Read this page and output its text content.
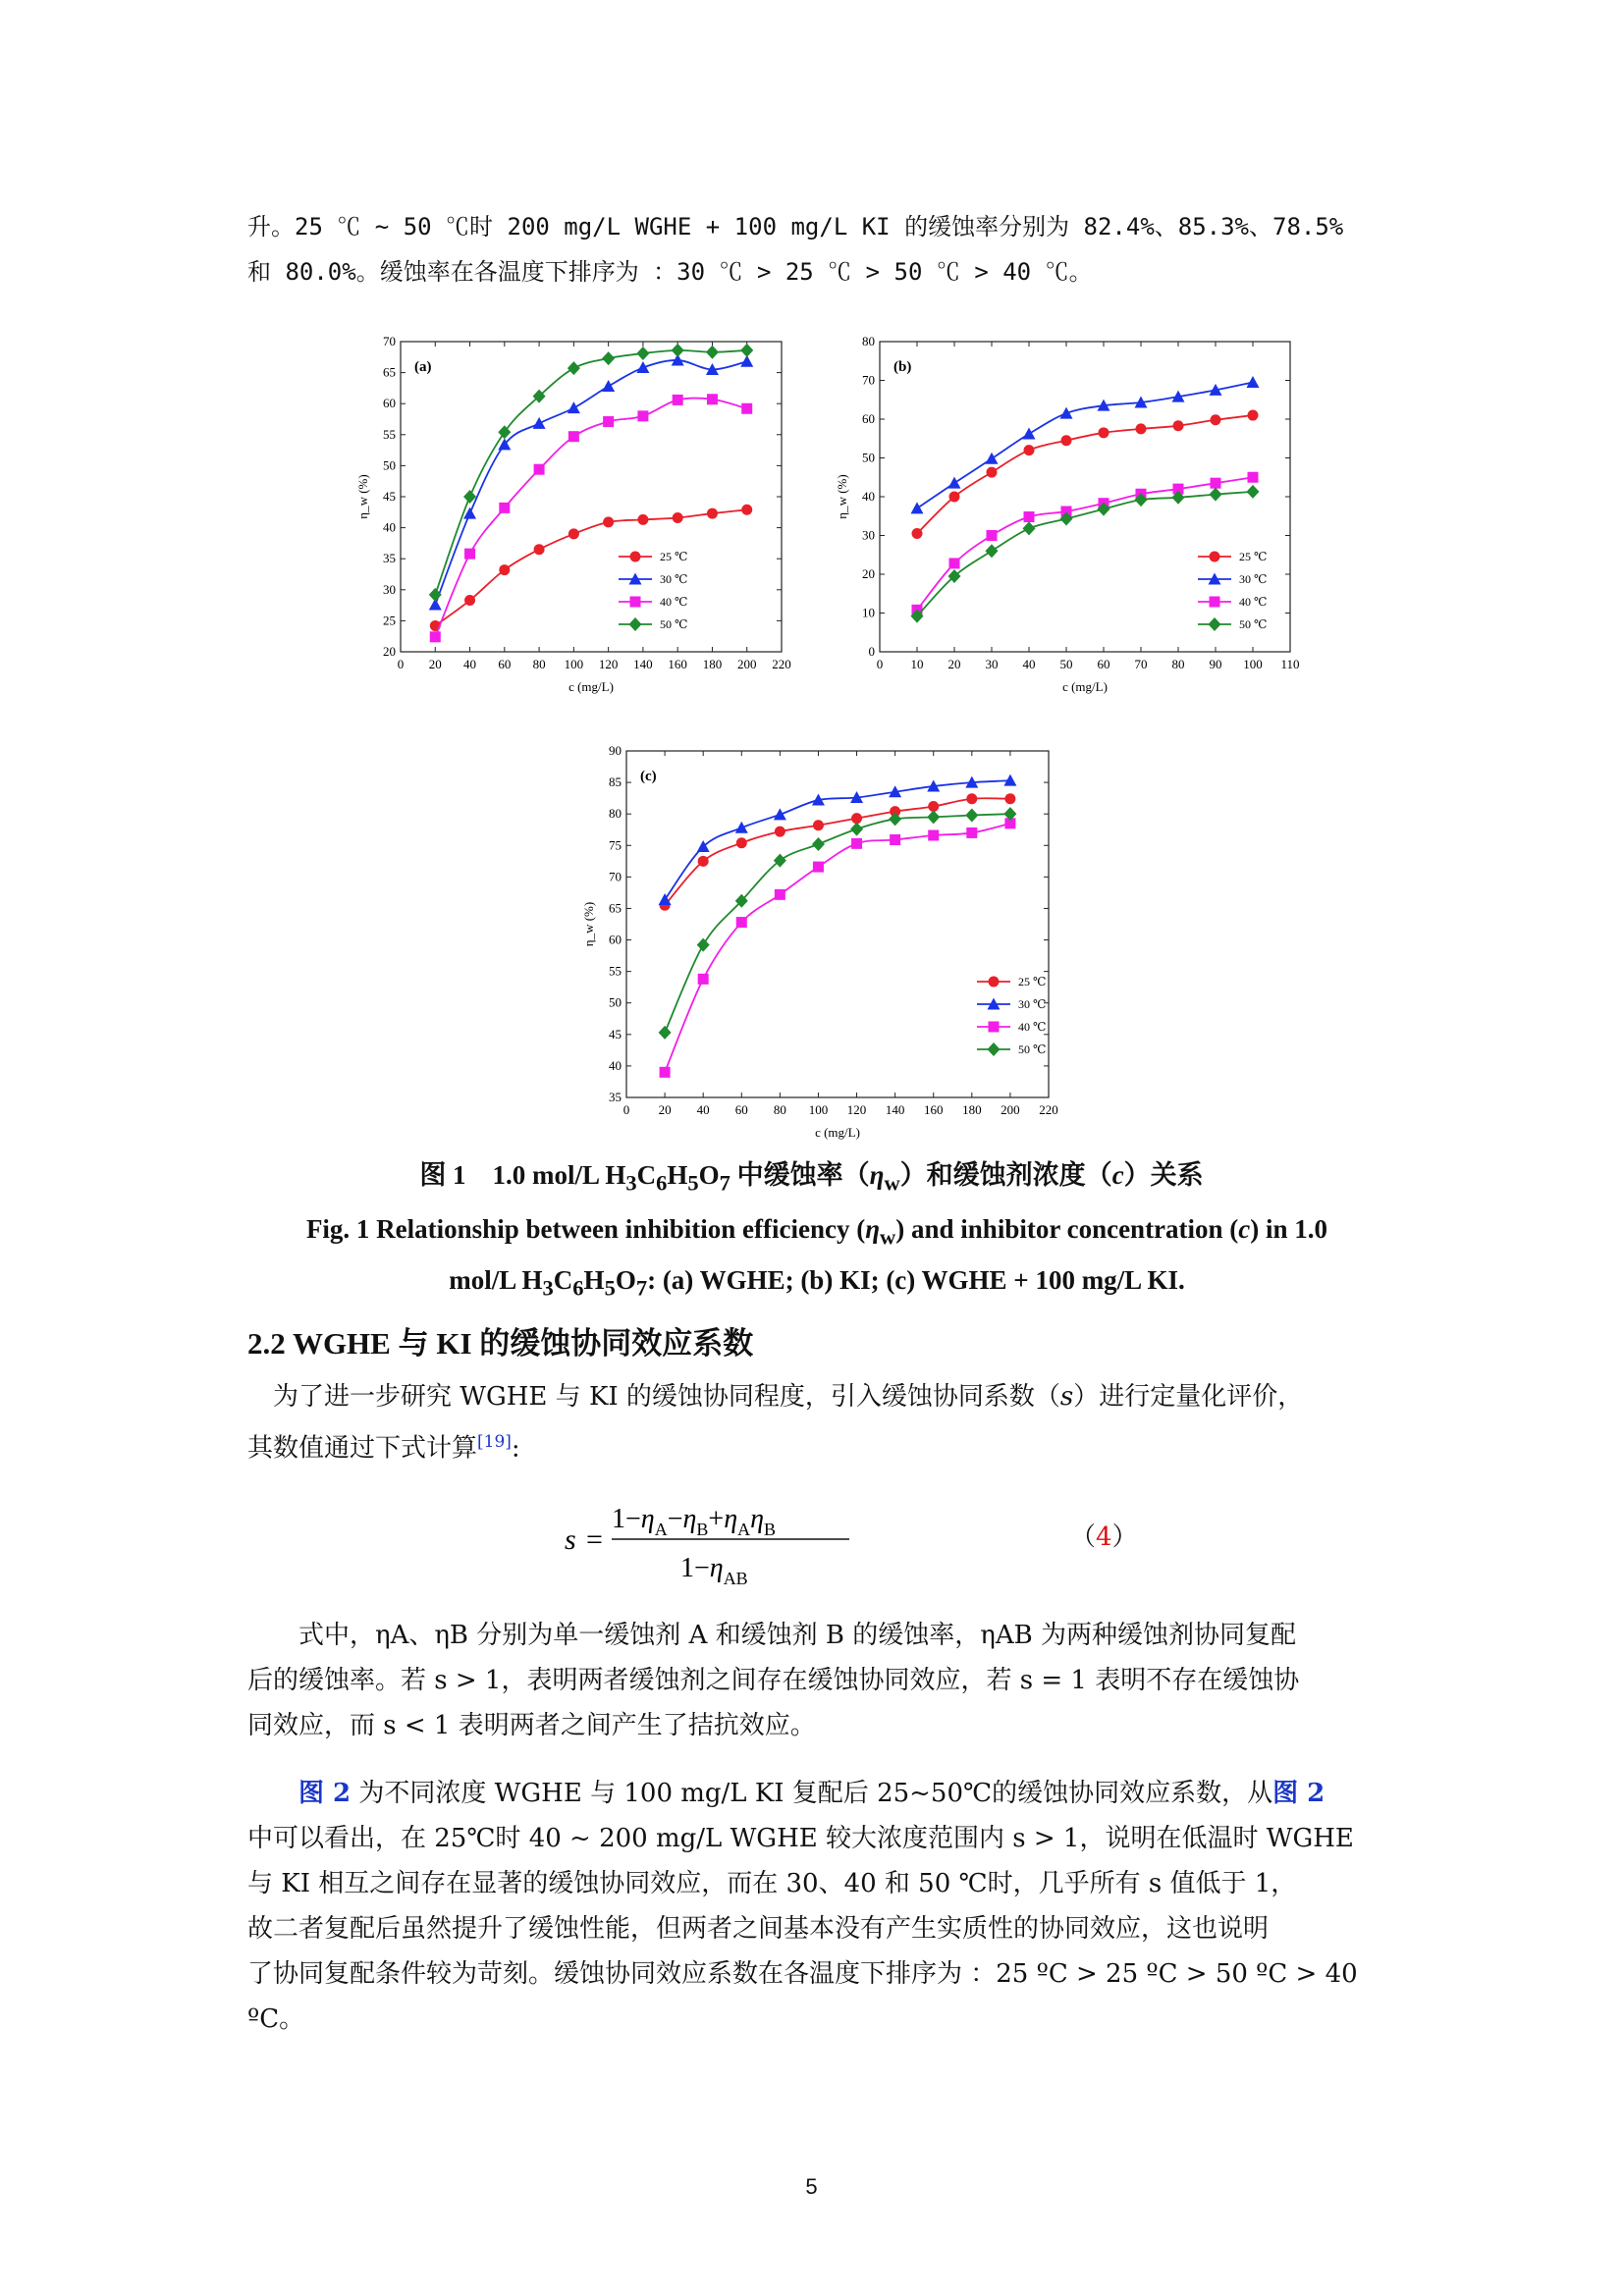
升。25 ℃ ~ 50 ℃时 200 mg/L WGHE + 100 mg/L KI 的缓蚀率分别为 82.4%、85.3%、78.5%
和 80.0%。缓蚀率在各温度下排序为 ：30 ℃ > 25 ℃ > 50 ℃ > 40 ℃。
0 20 40 60 80 100 120 140 160 180 200 220
20
25
30
35
40
45
50
55
60
65
70
(a)
c (mg/L)
η_w (%)
25 ℃
30 ℃
40 ℃
50 ℃
0 10 20 30 40 50 60 70 80 90 100 110
0
10
20
30
40
50
60
70
80
(b)
c (mg/L)
η_w (%)
25 ℃
30 ℃
40 ℃
50 ℃
0 20 40 60 80 100 120 140 160 180 200 220
35
40
45
50
55
60
65
70
75
80
85
90
(c)
c (mg/L)
η_w (%)
25 ℃
30 ℃
40 ℃
50 ℃
图 1　1.0 mol/L $H_3C_6H_5O_7$ 中缓蚀率$(\eta_w)$和缓蚀剂浓度（c）关系
Fig. 1 Relationship between inhibition efficiency $(\eta_w)$ and inhibitor concentration (c) in 1.0
mol/L $H_3C_6H_5O_7$: (a) WGHE; (b) KI; (c) WGHE + 100 mg/L KI.
2.2 WGHE 与 KI 的缓蚀协同效应系数
为了进一步研究 WGHE 与 KI 的缓蚀协同程度，引入缓蚀协同系数（s）进行定量化评价，
其数值通过下式计算[19]:
s =
$1-\eta_A-\eta_B+\eta_A\eta_B$
$1-\eta_{AB}$
（4）
式中，ηA、ηB 分别为单一缓蚀剂 A 和缓蚀剂 B 的缓蚀率，ηAB 为两种缓蚀剂协同复配
后的缓蚀率。若 s > 1，表明两者缓蚀剂之间存在缓蚀协同效应，若 s = 1 表明不存在缓蚀协
同效应，而 s < 1 表明两者之间产生了拮抗效应。
图 2 为不同浓度 WGHE 与 100 mg/L KI 复配后 25~50℃的缓蚀协同效应系数，从图 2
中可以看出，在 25℃时 40 ~ 200 mg/L WGHE 较大浓度范围内 s > 1，说明在低温时 WGHE
与 KI 相互之间存在显著的缓蚀协同效应，而在 30、40 和 50 ℃时，几乎所有 s 值低于 1，
故二者复配后虽然提升了缓蚀性能，但两者之间基本没有产生实质性的协同效应，这也说明
了协同复配条件较为苛刻。缓蚀协同效应系数在各温度下排序为 ：25 ºC > 25 ºC > 50 ºC > 40
ºC。
5
